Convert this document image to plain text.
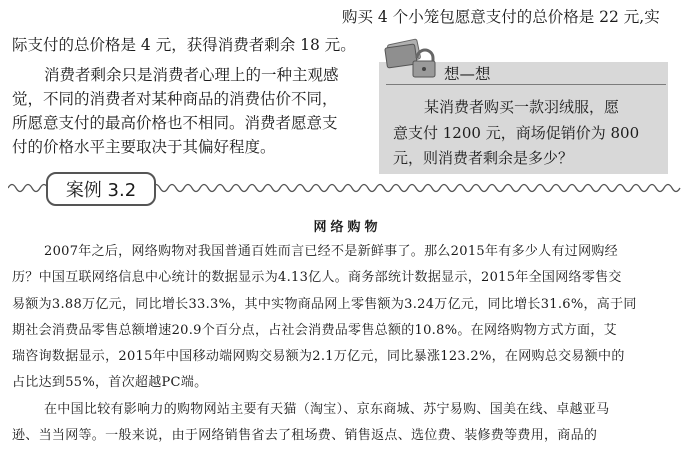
购买 4 个小笼包愿意支付的总价格是 22 元,实
际支付的总价格是 4 元，获得消费者剩余 18 元。
消费者剩余只是消费者心理上的一种主观感
觉，不同的消费者对某种商品的消费估价不同，
所愿意支付的最高价格也不相同。消费者愿意支
付的价格水平主要取决于其偏好程度。
想—想
某消费者购买一款羽绒服，愿
意支付 1200 元，商场促销价为 800
元，则消费者剩余是多少？
案例 3.2
网络购物
2007年之后，网络购物对我国普通百姓而言已经不是新鲜事了。那么2015年有多少人有过网购经
历？中国互联网络信息中心统计的数据显示为4.13亿人。商务部统计数据显示，2015年全国网络零售交
易额为3.88万亿元，同比增长33.3%，其中实物商品网上零售额为3.24万亿元，同比增长31.6%，高于同
期社会消费品零售总额增速20.9个百分点，占社会消费品零售总额的10.8%。在网络购物方式方面，艾
瑞咨询数据显示，2015年中国移动端网购交易额为2.1万亿元，同比暴涨123.2%，在网购总交易额中的
占比达到55%，首次超越PC端。
在中国比较有影响力的购物网站主要有天猫（淘宝）、京东商城、苏宁易购、国美在线、卓越亚马
逊、当当网等。一般来说，由于网络销售省去了租场费、销售返点、选位费、装修费等费用，商品的
